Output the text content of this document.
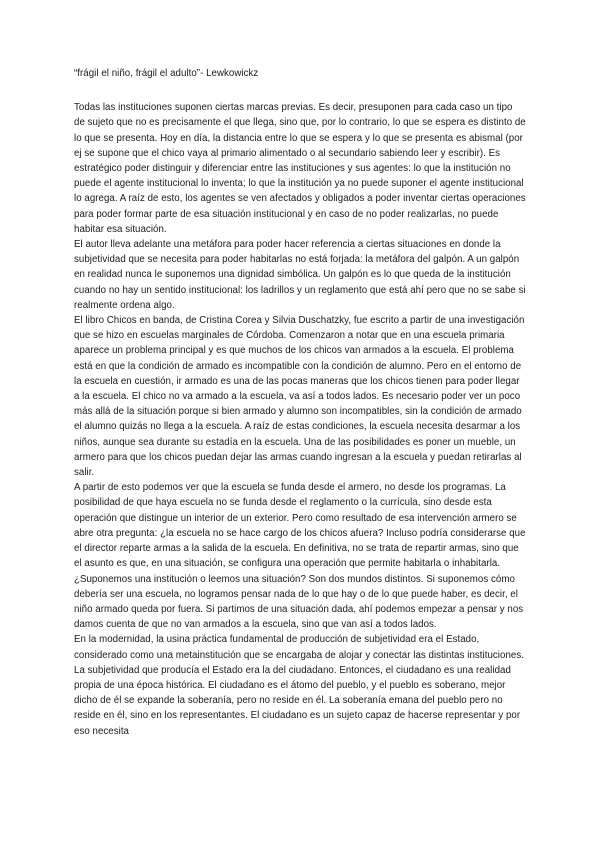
“frágil el niño, frágil el adulto”- Lewkowickz

Todas las instituciones suponen ciertas marcas previas. Es decir, presuponen para cada caso un tipo de sujeto que no es precisamente el que llega, sino que, por lo contrario, lo que se espera es distinto de lo que se presenta. Hoy en día, la distancia entre lo que se espera y lo que se presenta es abismal (por ej se supone que el chico vaya al primario alimentado o al secundario sabiendo leer y escribir). Es estratégico poder distinguir y diferenciar entre las instituciones y sus agentes: lo que la institución no puede el agente institucional lo inventa; lo que la institución ya no puede suponer el agente institucional lo agrega. A raíz de esto, los agentes se ven afectados y obligados a poder inventar ciertas operaciones para poder formar parte de esa situación institucional y en caso de no poder realizarlas, no puede habitar esa situación.

El autor lleva adelante una metáfora para poder hacer referencia a ciertas situaciones en donde la subjetividad que se necesita para poder habitarlas no está forjada: la metáfora del galpón. A un galpón en realidad nunca le suponemos una dignidad simbólica. Un galpón es lo que queda de la institución cuando no hay un sentido institucional: los ladrillos y un reglamento que está ahí pero que no se sabe si realmente ordena algo.

El libro Chicos en banda, de Cristina Corea y Silvia Duschatzky, fue escrito a partir de una investigación que se hizo en escuelas marginales de Córdoba. Comenzaron a notar que en una escuela primaria aparece un problema principal y es que muchos de los chicos van armados a la escuela. El problema está en que la condición de armado es incompatible con la condición de alumno. Pero en el entorno de la escuela en cuestión, ir armado es una de las pocas maneras que los chicos tienen para poder llegar a la escuela. El chico no va armado a la escuela, va así a todos lados. Es necesario poder ver un poco más allá de la situación porque si bien armado y alumno son incompatibles, sin la condición de armado el alumno quizás no llega a la escuela. A raíz de estas condiciones, la escuela necesita desarmar a los niños, aunque sea durante su estadía en la escuela. Una de las posibilidades es poner un mueble, un armero para que los chicos puedan dejar las armas cuando ingresan a la escuela y puedan retirarlas al salir.

A partir de esto podemos ver que la escuela se funda desde el armero, no desde los programas. La posibilidad de que haya escuela no se funda desde el reglamento o la currícula, sino desde esta operación que distingue un interior de un exterior. Pero como resultado de esa intervención armero se abre otra pregunta: ¿la escuela no se hace cargo de los chicos afuera? Incluso podría considerarse que el director reparte armas a la salida de la escuela. En definitiva, no se trata de repartir armas, sino que el asunto es que, en una situación, se configura una operación que permite habitarla o inhabitarla. ¿Suponemos una institución o leemos una situación? Son dos mundos distintos. Si suponemos cómo debería ser una escuela, no logramos pensar nada de lo que hay o de lo que puede haber, es decir, el niño armado queda por fuera. Si partimos de una situación dada, ahí podemos empezar a pensar y nos damos cuenta de que no van armados a la escuela, sino que van así a todos lados.

En la modernidad, la usina práctica fundamental de producción de subjetividad era el Estado, considerado como una metainstitución que se encargaba de alojar y conectar las distintas instituciones. La subjetividad que producía el Estado era la del ciudadano. Entonces, el ciudadano es una realidad propia de una época histórica. El ciudadano es el átomo del pueblo, y el pueblo es soberano, mejor dicho de él se expande la soberanía, pero no reside en él. La soberanía emana del pueblo pero no reside en él, sino en los representantes. El ciudadano es un sujeto capaz de hacerse representar y por eso necesita
